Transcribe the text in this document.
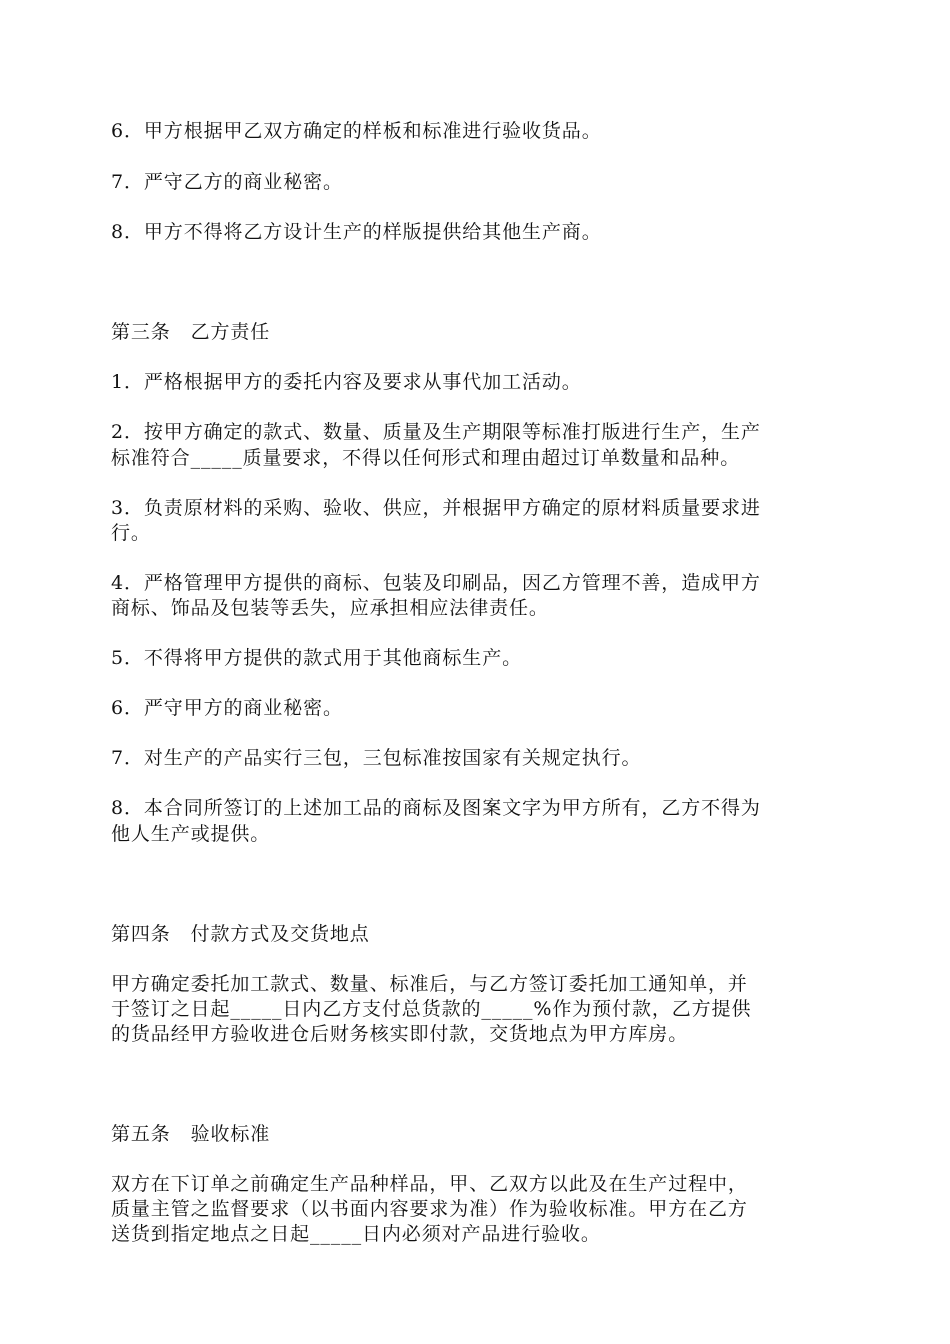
6．甲方根据甲乙双方确定的样板和标准进行验收货品。
7．严守乙方的商业秘密。
8．甲方不得将乙方设计生产的样版提供给其他生产商。
第三条　乙方责任
1．严格根据甲方的委托内容及要求从事代加工活动。
2．按甲方确定的款式、数量、质量及生产期限等标准打版进行生产，生产
标准符合_____质量要求，不得以任何形式和理由超过订单数量和品种。
3．负责原材料的采购、验收、供应，并根据甲方确定的原材料质量要求进
行。
4．严格管理甲方提供的商标、包装及印刷品，因乙方管理不善，造成甲方
商标、饰品及包装等丢失，应承担相应法律责任。
5．不得将甲方提供的款式用于其他商标生产。
6．严守甲方的商业秘密。
7．对生产的产品实行三包，三包标准按国家有关规定执行。
8．本合同所签订的上述加工品的商标及图案文字为甲方所有，乙方不得为
他人生产或提供。
第四条　付款方式及交货地点
甲方确定委托加工款式、数量、标准后，与乙方签订委托加工通知单，并
于签订之日起_____日内乙方支付总货款的_____%作为预付款，乙方提供
的货品经甲方验收进仓后财务核实即付款，交货地点为甲方库房。
第五条　验收标准
双方在下订单之前确定生产品种样品，甲、乙双方以此及在生产过程中，
质量主管之监督要求（以书面内容要求为准）作为验收标准。甲方在乙方
送货到指定地点之日起_____日内必须对产品进行验收。
